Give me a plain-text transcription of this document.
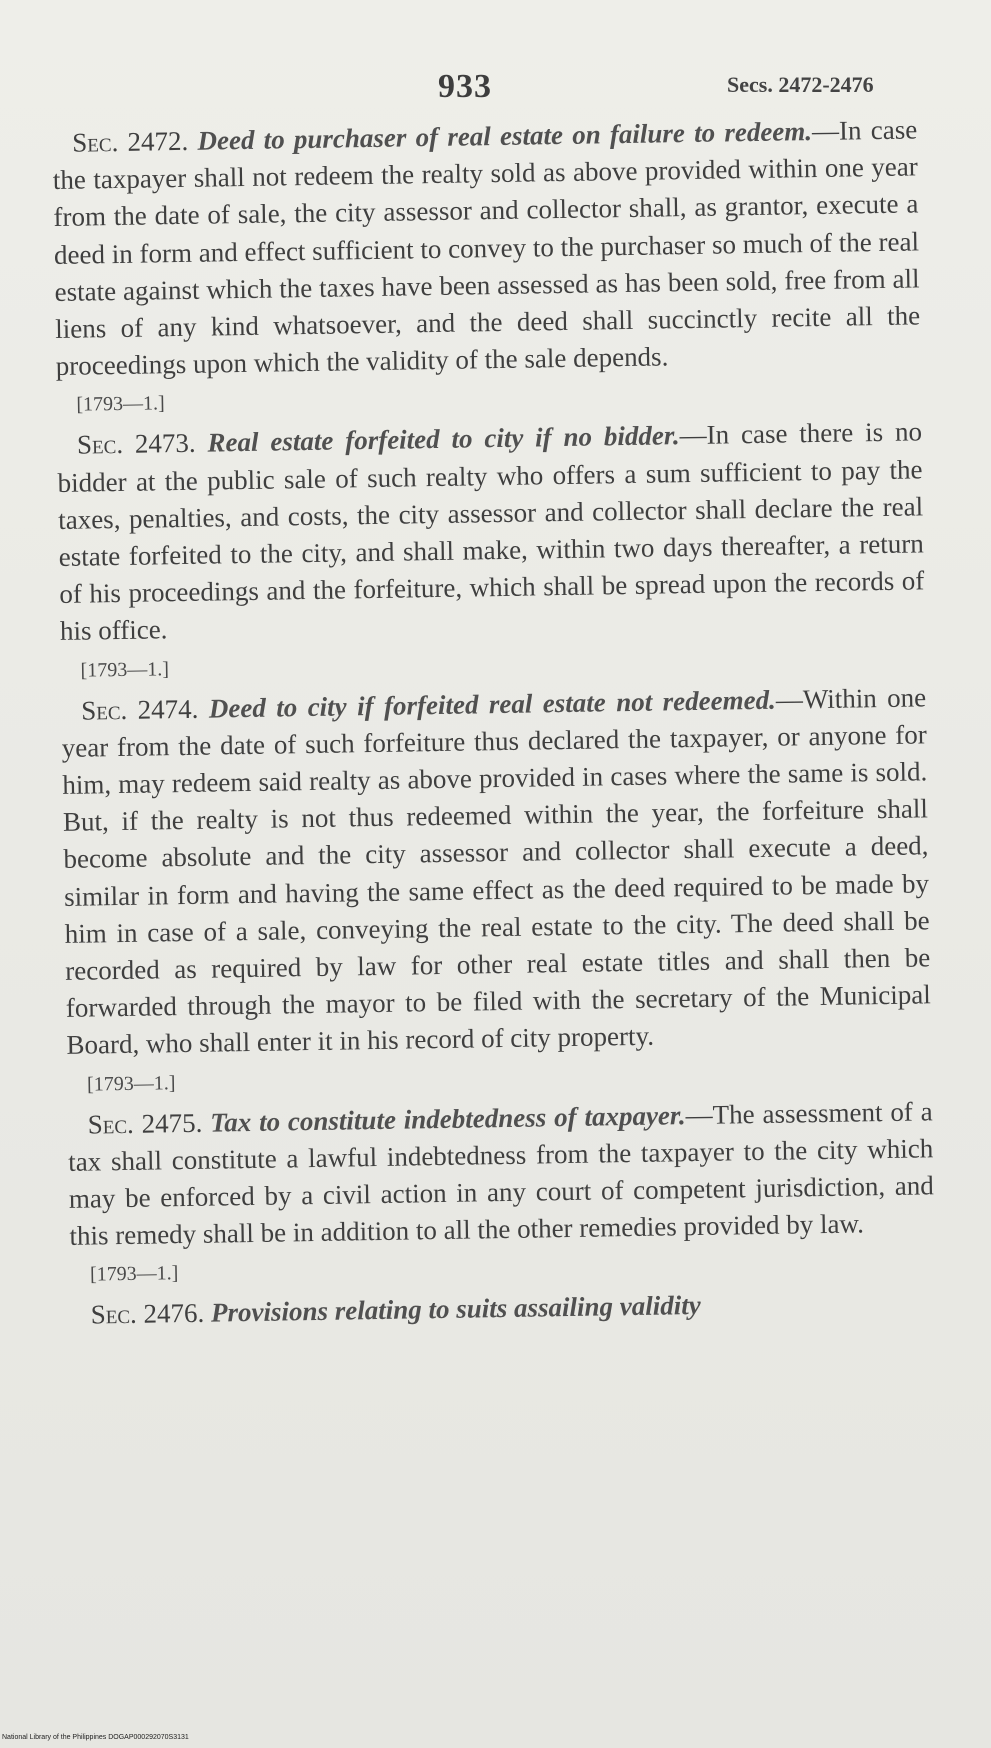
933	Secs. 2472-2476

Sec. 2472. Deed to purchaser of real estate on failure to redeem.—In case the taxpayer shall not redeem the realty sold as above provided within one year from the date of sale, the city assessor and collector shall, as grantor, execute a deed in form and effect sufficient to convey to the purchaser so much of the real estate against which the taxes have been assessed as has been sold, free from all liens of any kind whatsoever, and the deed shall succinctly recite all the proceedings upon which the validity of the sale depends.

[1793—1.]

Sec. 2473. Real estate forfeited to city if no bidder.—In case there is no bidder at the public sale of such realty who offers a sum sufficient to pay the taxes, penalties, and costs, the city assessor and collector shall declare the real estate forfeited to the city, and shall make, within two days thereafter, a return of his proceedings and the forfeiture, which shall be spread upon the records of his office.

[1793—1.]

Sec. 2474. Deed to city if forfeited real estate not redeemed.—Within one year from the date of such forfeiture thus declared the taxpayer, or anyone for him, may redeem said realty as above provided in cases where the same is sold. But, if the realty is not thus redeemed within the year, the forfeiture shall become absolute and the city assessor and collector shall execute a deed, similar in form and having the same effect as the deed required to be made by him in case of a sale, conveying the real estate to the city. The deed shall be recorded as required by law for other real estate titles and shall then be forwarded through the mayor to be filed with the secretary of the Municipal Board, who shall enter it in his record of city property.

[1793—1.]

Sec. 2475. Tax to constitute indebtedness of taxpayer.—The assessment of a tax shall constitute a lawful indebtedness from the taxpayer to the city which may be enforced by a civil action in any court of competent jurisdiction, and this remedy shall be in addition to all the other remedies provided by law.

[1793—1.]

Sec. 2476. Provisions relating to suits assailing validity

National Library of the Philippines DOGAP000292070S3131
